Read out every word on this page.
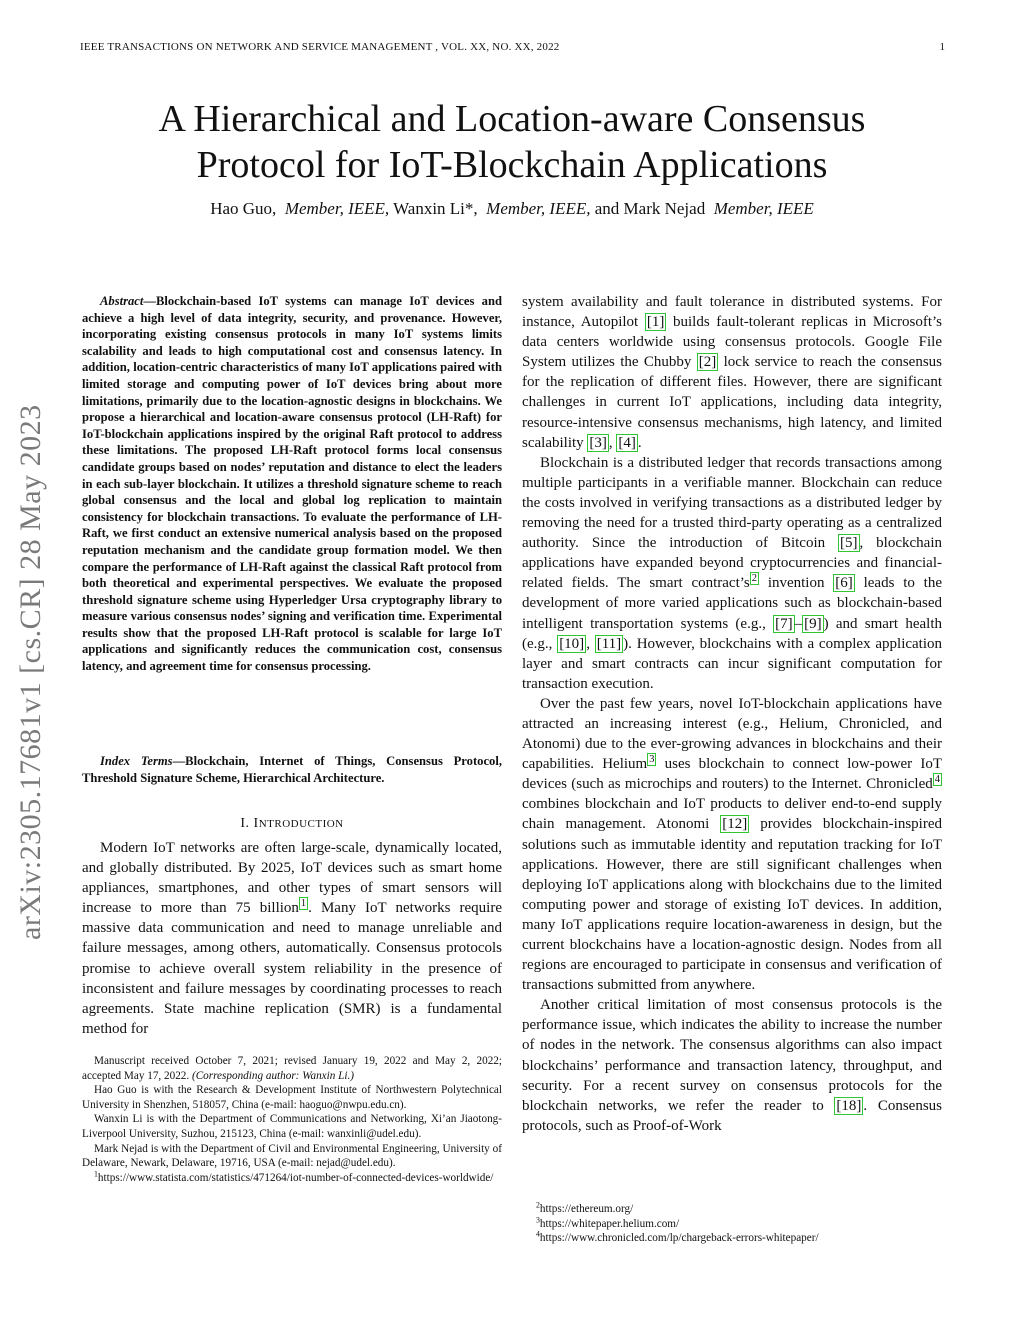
IEEE TRANSACTIONS ON NETWORK AND SERVICE MANAGEMENT , VOL. XX, NO. XX, 2022	1
arXiv:2305.17681v1 [cs.CR] 28 May 2023
A Hierarchical and Location-aware Consensus
Protocol for IoT-Blockchain Applications
Hao Guo, Member, IEEE, Wanxin Li*, Member, IEEE, and Mark Nejad Member, IEEE
Abstract—Blockchain-based IoT systems can manage IoT devices and achieve a high level of data integrity, security, and provenance. However, incorporating existing consensus protocols in many IoT systems limits scalability and leads to high computational cost and consensus latency. In addition, location-centric characteristics of many IoT applications paired with limited storage and computing power of IoT devices bring about more limitations, primarily due to the location-agnostic designs in blockchains. We propose a hierarchical and location-aware consensus protocol (LH-Raft) for IoT-blockchain applications inspired by the original Raft protocol to address these limitations. The proposed LH-Raft protocol forms local consensus candidate groups based on nodes’ reputation and distance to elect the leaders in each sub-layer blockchain. It utilizes a threshold signature scheme to reach global consensus and the local and global log replication to maintain consistency for blockchain transactions. To evaluate the performance of LH-Raft, we first conduct an extensive numerical analysis based on the proposed reputation mechanism and the candidate group formation model. We then compare the performance of LH-Raft against the classical Raft protocol from both theoretical and experimental perspectives. We evaluate the proposed threshold signature scheme using Hyperledger Ursa cryptography library to measure various consensus nodes’ signing and verification time. Experimental results show that the proposed LH-Raft protocol is scalable for large IoT applications and significantly reduces the communication cost, consensus latency, and agreement time for consensus processing.
Index Terms—Blockchain, Internet of Things, Consensus Protocol, Threshold Signature Scheme, Hierarchical Architecture.
I. INTRODUCTION

Modern IoT networks are often large-scale, dynamically located, and globally distributed. By 2025, IoT devices such as smart home appliances, smartphones, and other types of smart sensors will increase to more than 75 billion $^1$ . Many IoT networks require massive data communication and need to manage unreliable and failure messages, among others, automatically. Consensus protocols promise to achieve overall system reliability in the presence of inconsistent and failure messages by coordinating processes to reach agreements. State machine replication (SMR) is a fundamental method for

Manuscript received October 7, 2021; revised January 19, 2022 and May 2, 2022; accepted May 17, 2022. (Corresponding author: Wanxin Li.)

Hao Guo is with the Research & Development Institute of Northwestern Polytechnical University in Shenzhen, 518057, China (e-mail: haoguo@nwpu.edu.cn).

Wanxin Li is with the Department of Communications and Networking, Xi’an Jiaotong-Liverpool University, Suzhou, 215123, China (e-mail: wanxinli@udel.edu).

Mark Nejad is with the Department of Civil and Environmental Engineering, University of Delaware, Newark, Delaware, 19716, USA (e-mail: nejad@udel.edu).

$^1$https://www.statista.com/statistics/471264/iot-number-of-connected-devices-worldwide/

system availability and fault tolerance in distributed systems. For instance, Autopilot [1] builds fault-tolerant replicas in Microsoft’s data centers worldwide using consensus protocols. Google File System utilizes the Chubby [2] lock service to reach the consensus for the replication of different files. However, there are significant challenges in current IoT applications, including data integrity, resource-intensive consensus mechanisms, high latency, and limited scalability [3] , [4] .

Blockchain is a distributed ledger that records transactions among multiple participants in a verifiable manner. Blockchain can reduce the costs involved in verifying transactions as a distributed ledger by removing the need for a trusted third-party operating as a centralized authority. Since the introduction of Bitcoin [5] , blockchain applications have expanded beyond cryptocurrencies and financial-related fields. The smart contract’s $^2$ invention [6] leads to the development of more varied applications such as blockchain-based intelligent transportation systems (e.g., [7] – [9] ) and smart health (e.g., [10] , [11] ). However, blockchains with a complex application layer and smart contracts can incur significant computation for transaction execution.

Over the past few years, novel IoT-blockchain applications have attracted an increasing interest (e.g., Helium, Chronicled, and Atonomi) due to the ever-growing advances in blockchains and their capabilities. Helium $^3$ uses blockchain to connect low-power IoT devices (such as microchips and routers) to the Internet. Chronicled $^4$ combines blockchain and IoT products to deliver end-to-end supply chain management. Atonomi [12] provides blockchain-inspired solutions such as immutable identity and reputation tracking for IoT applications. However, there are still significant challenges when deploying IoT applications along with blockchains due to the limited computing power and storage of existing IoT devices. In addition, many IoT applications require location-awareness in design, but the current blockchains have a location-agnostic design. Nodes from all regions are encouraged to participate in consensus and verification of transactions submitted from anywhere.

Another critical limitation of most consensus protocols is the performance issue, which indicates the ability to increase the number of nodes in the network. The consensus algorithms can also impact blockchains’ performance and transaction latency, throughput, and security. For a recent survey on consensus protocols for the blockchain networks, we refer the reader to [18] . Consensus protocols, such as Proof-of-Work

$^2$https://ethereum.org/

$^3$https://whitepaper.helium.com/

$^4$https://www.chronicled.com/lp/chargeback-errors-whitepaper/
